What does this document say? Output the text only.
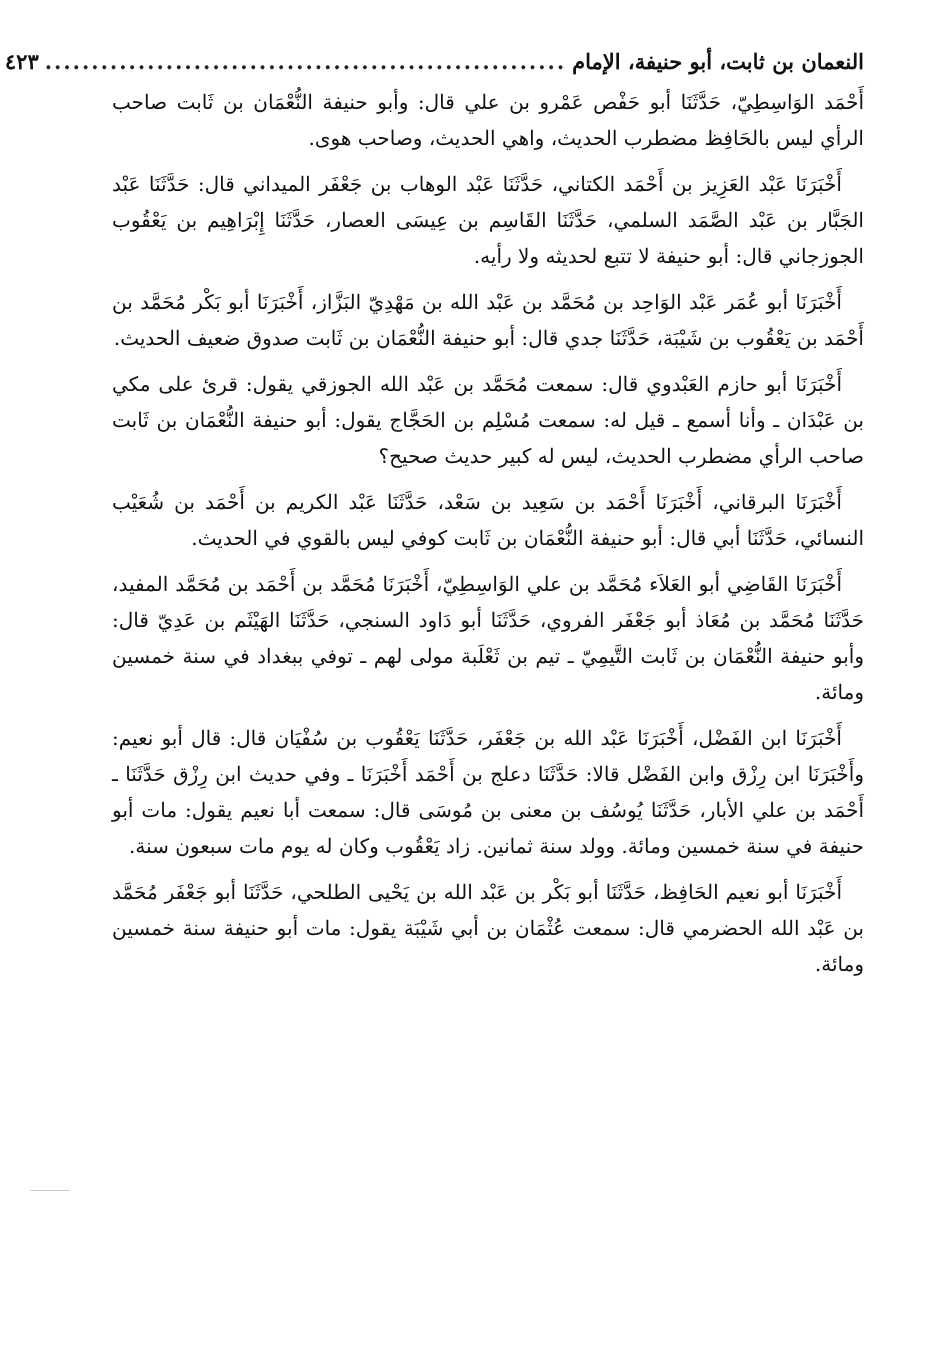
النعمان بن ثابت، أبو حنيفة، الإمام
........................................................
٤٢٣

أَحْمَد الوَاسِطِيّ، حَدَّثَنَا أبو حَفْص عَمْرو بن علي قال: وأبو حنيفة النُّعْمَان بن ثَابت صاحب الرأي ليس بالحَافِظ مضطرب الحديث، واهي الحديث، وصاحب هوى.

أَخْبَرَنَا عَبْد العَزِيز بن أَحْمَد الكتاني، حَدَّثَنَا عَبْد الوهاب بن جَعْفَر الميداني قال: حَدَّثَنَا عَبْد الجَبَّار بن عَبْد الصَّمَد السلمي، حَدَّثَنَا القَاسِم بن عِيسَى العصار، حَدَّثَنَا إِبْرَاهِيم بن يَعْقُوب الجوزجاني قال: أبو حنيفة لا تتبع لحديثه ولا رأيه.

أَخْبَرَنَا أبو عُمَر عَبْد الوَاحِد بن مُحَمَّد بن عَبْد الله بن مَهْدِيّ البَزَّاز، أَخْبَرَنَا أبو بَكْر مُحَمَّد بن أَحْمَد بن يَعْقُوب بن شَيْبَة، حَدَّثَنَا جدي قال: أبو حنيفة النُّعْمَان بن ثَابت صدوق ضعيف الحديث.

أَخْبَرَنَا أبو حازم العَبْدوي قال: سمعت مُحَمَّد بن عَبْد الله الجوزقي يقول: قرئ على مكي بن عَبْدَان ـ وأنا أسمع ـ قيل له: سمعت مُسْلِم بن الحَجَّاج يقول: أبو حنيفة النُّعْمَان بن ثَابت صاحب الرأي مضطرب الحديث، ليس له كبير حديث صحيح؟

أَخْبَرَنَا البرقاني، أَخْبَرَنَا أَحْمَد بن سَعِيد بن سَعْد، حَدَّثَنَا عَبْد الكريم بن أَحْمَد بن شُعَيْب النسائي، حَدَّثَنَا أبي قال: أبو حنيفة النُّعْمَان بن ثَابت كوفي ليس بالقوي في الحديث.

أَخْبَرَنَا القَاضِي أبو العَلاَء مُحَمَّد بن علي الوَاسِطِيّ، أَخْبَرَنَا مُحَمَّد بن أَحْمَد بن مُحَمَّد المفيد، حَدَّثَنَا مُحَمَّد بن مُعَاذ أبو جَعْفَر الفروي، حَدَّثَنَا أبو دَاود السنجي، حَدَّثَنَا الهَيْثَم بن عَدِيّ قال: وأبو حنيفة النُّعْمَان بن ثَابت التَّيمِيّ ـ تيم بن ثَعْلَبة مولى لهم ـ توفي ببغداد في سنة خمسين ومائة.

أَخْبَرَنَا ابن الفَضْل، أَخْبَرَنَا عَبْد الله بن جَعْفَر، حَدَّثَنَا يَعْقُوب بن سُفْيَان قال: قال أبو نعيم: وأَخْبَرَنَا ابن رِزْق وابن الفَضْل قالا: حَدَّثَنَا دعلج بن أَحْمَد أَخْبَرَنَا ـ وفي حديث ابن رِزْق حَدَّثَنَا ـ أَحْمَد بن علي الأبار، حَدَّثَنَا يُوسُف بن معنى بن مُوسَى قال: سمعت أبا نعيم يقول: مات أبو حنيفة في سنة خمسين ومائة. وولد سنة ثمانين. زاد يَعْقُوب وكان له يوم مات سبعون سنة.

أَخْبَرَنَا أبو نعيم الحَافِظ، حَدَّثَنَا أبو بَكْر بن عَبْد الله بن يَحْيى الطلحي، حَدَّثَنَا أبو جَعْفَر مُحَمَّد بن عَبْد الله الحضرمي قال: سمعت عُثْمَان بن أبي شَيْبَة يقول: مات أبو حنيفة سنة خمسين ومائة.
